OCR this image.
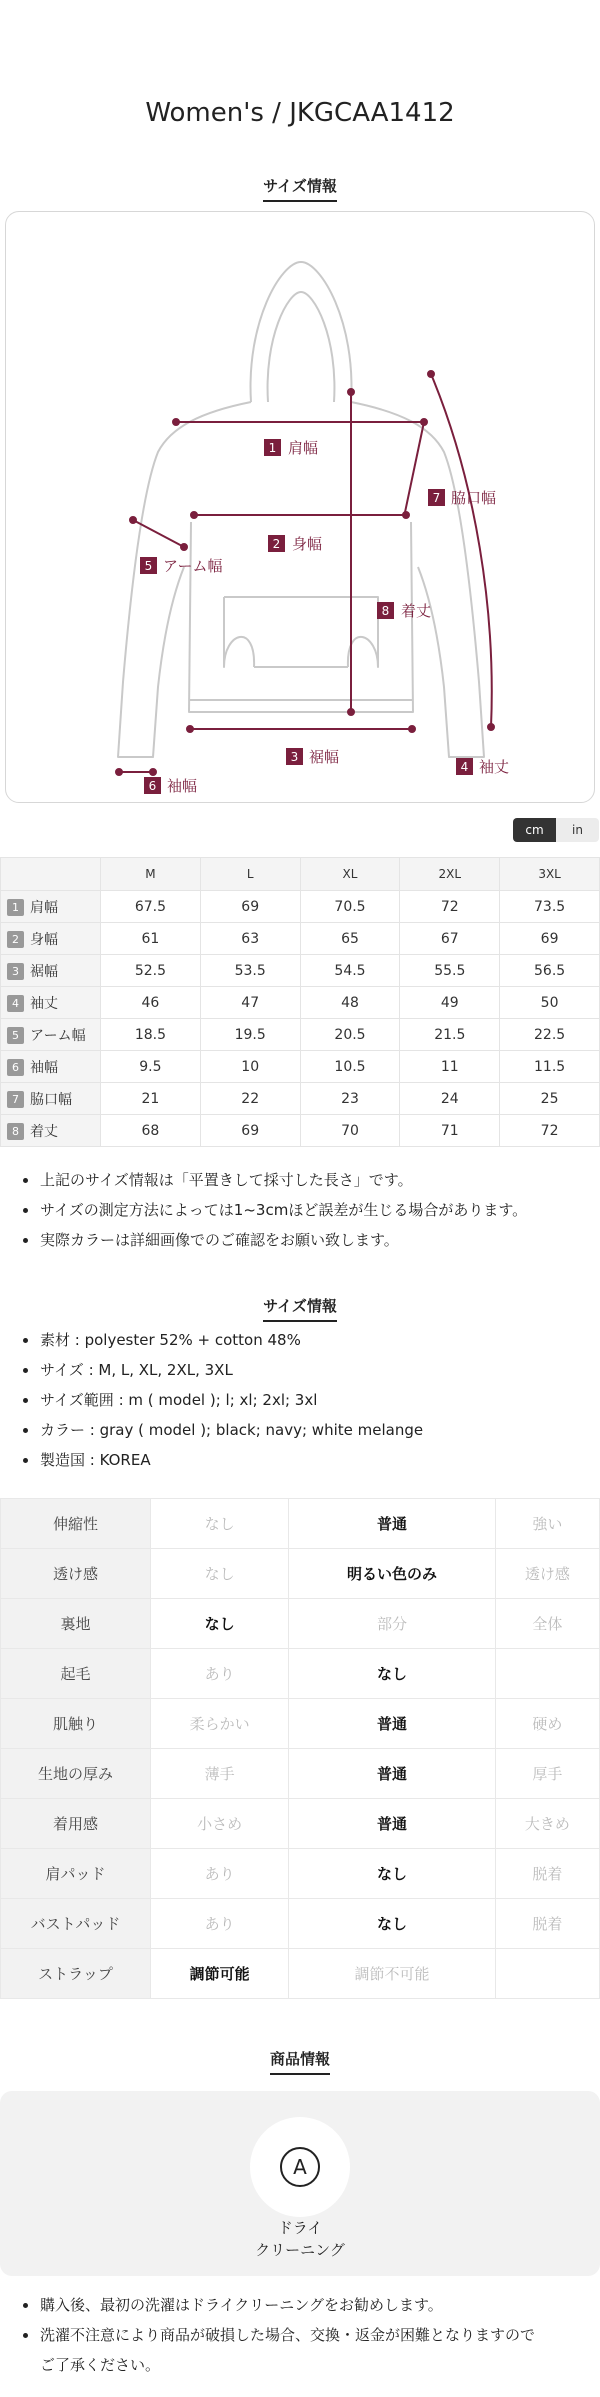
Women's / JKGCAA1412
サイズ情報
1 肩幅
2 身幅
3 裾幅
4 袖丈
5 アーム幅
6 袖幅
7 脇口幅
8 着丈
cm	in
	M	L	XL	2XL	3XL
1 肩幅	67.5	69	70.5	72	73.5
2 身幅	61	63	65	67	69
3 裾幅	52.5	53.5	54.5	55.5	56.5
4 袖丈	46	47	48	49	50
5 アーム幅	18.5	19.5	20.5	21.5	22.5
6 袖幅	9.5	10	10.5	11	11.5
7 脇口幅	21	22	23	24	25
8 着丈	68	69	70	71	72
上記のサイズ情報は「平置きして採寸した長さ」です。
サイズの測定方法によっては1~3cmほど誤差が生じる場合があります。
実際カラーは詳細画像でのご確認をお願い致します。
サイズ情報
素材 : polyester 52% + cotton 48%
サイズ : M, L, XL, 2XL, 3XL
サイズ範囲 : m ( model ); l; xl; 2xl; 3xl
カラー : gray ( model ); black; navy; white melange
製造国 : KOREA
伸縮性	なし	普通	強い
透け感	なし	明るい色のみ	透け感
裏地	なし	部分	全体
起毛	あり	なし	
肌触り	柔らかい	普通	硬め
生地の厚み	薄手	普通	厚手
着用感	小さめ	普通	大きめ
肩パッド	あり	なし	脱着
バストパッド	あり	なし	脱着
ストラップ	調節可能	調節不可能	
商品情報
A
ドライ
クリーニング
購入後、最初の洗濯はドライクリーニングをお勧めします。
洗濯不注意により商品が破損した場合、交換・返金が困難となりますので
ご了承ください。
